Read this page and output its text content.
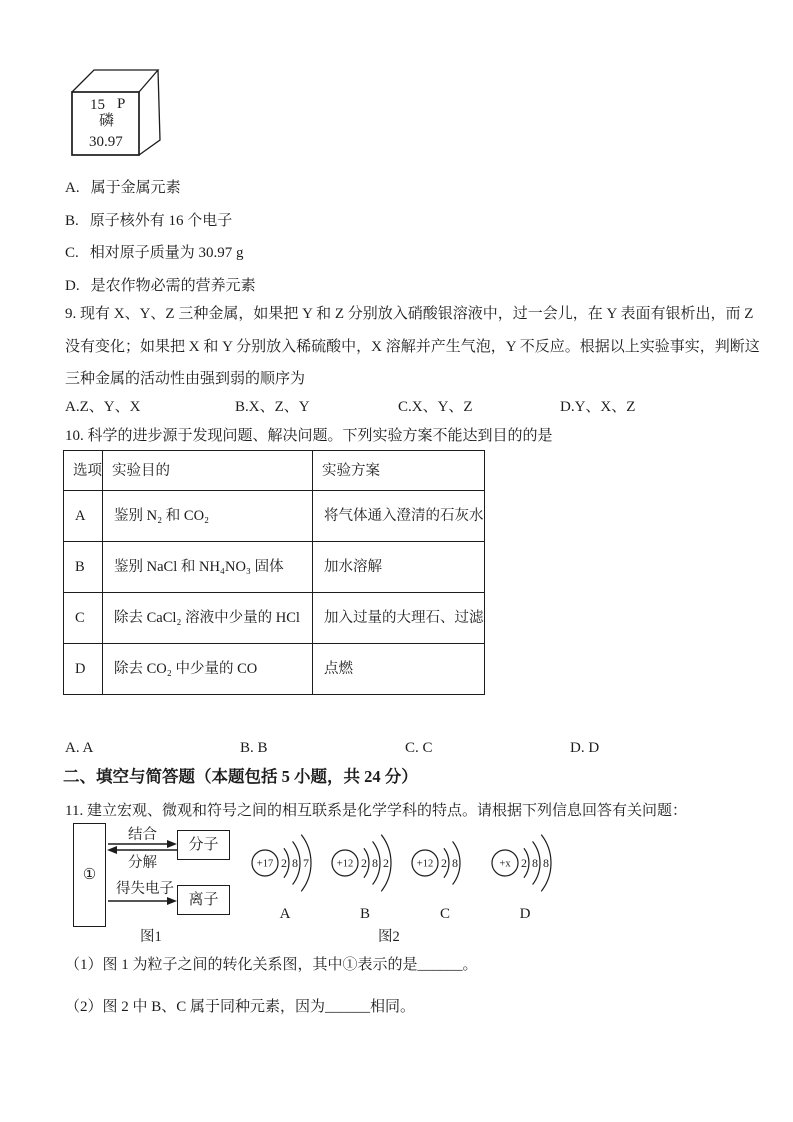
15 P
磷
30.97
A. 属于金属元素
B. 原子核外有 16 个电子
C. 相对原子质量为 30.97 g
D. 是农作物必需的营养元素
9. 现有 X、Y、Z 三种金属，如果把 Y 和 Z 分别放入硝酸银溶液中，过一会儿，在 Y 表面有银析出，而 Z
没有变化；如果把 X 和 Y 分别放入稀硫酸中，X 溶解并产生气泡，Y 不反应。根据以上实验事实，判断这
三种金属的活动性由强到弱的顺序为
A.Z、Y、X	B.X、Z、Y	C.X、Y、Z	D.Y、X、Z
10. 科学的进步源于发现问题、解决问题。下列实验方案不能达到目的的是
选项	实验目的	实验方案
A	鉴别 N₂ 和 CO₂	将气体通入澄清的石灰水
B	鉴别 NaCl 和 NH₄NO₃ 固体	加水溶解
C	除去 CaCl₂ 溶液中少量的 HCl	加入过量的大理石、过滤
D	除去 CO₂ 中少量的 CO	点燃
A. A	B. B	C. C	D. D
二、填空与简答题（本题包括 5 小题，共 24 分）
11. 建立宏观、微观和符号之间的相互联系是化学学科的特点。请根据下列信息回答有关问题：
①
结合
分解
得失电子
分子
离子
图1
+17 2 8 7
A
+12 2 8 2
B
+12 2 8
C
+x 2 8 8
D
图2
（1）图 1 为粒子之间的转化关系图，其中①表示的是______。
（2）图 2 中 B、C 属于同种元素，因为______相同。
